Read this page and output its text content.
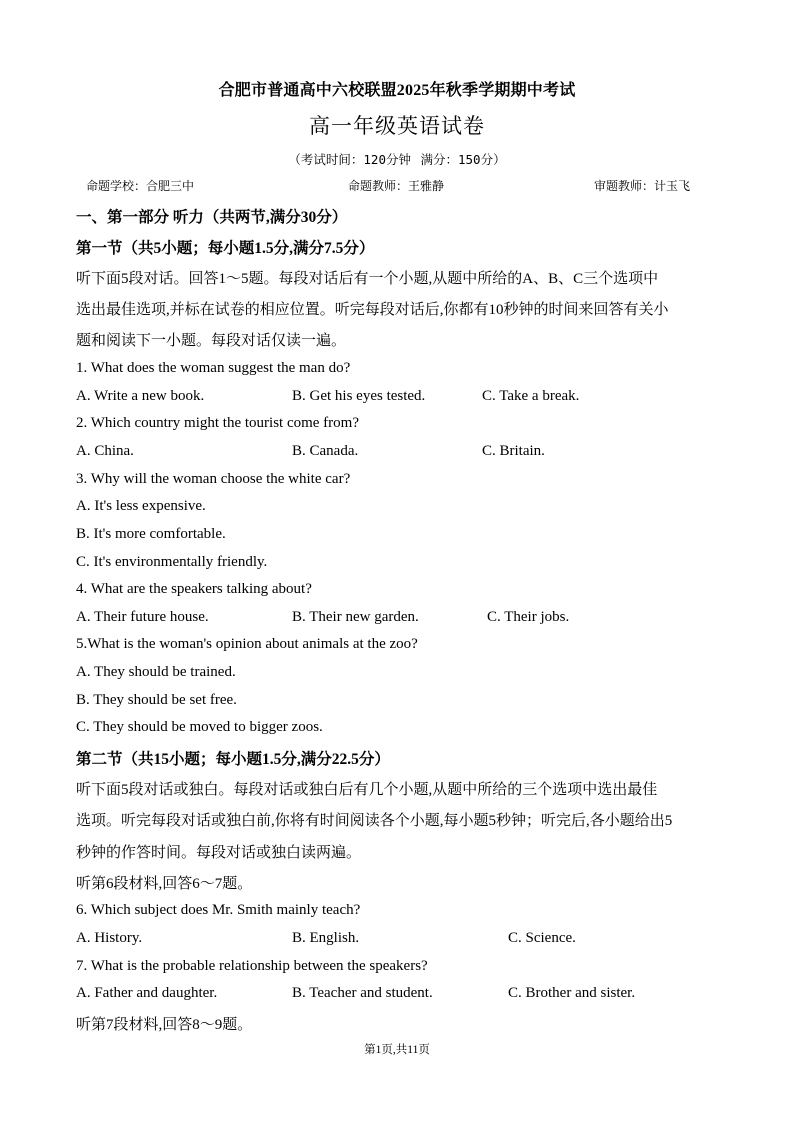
合肥市普通高中六校联盟2025年秋季学期期中考试
高一年级英语试卷
（考试时间：120分钟 满分：150分）
命题学校：合肥三中	命题教师：王雅静	审题教师：计玉飞
一、第一部分 听力（共两节,满分30分）
第一节（共5小题；每小题1.5分,满分7.5分）
听下面5段对话。回答1～5题。每段对话后有一个小题,从题中所给的A、B、C三个选项中
选出最佳选项,并标在试卷的相应位置。听完每段对话后,你都有10秒钟的时间来回答有关小
题和阅读下一小题。每段对话仅读一遍。
1. What does the woman suggest the man do?
A. Write a new book.	B. Get his eyes tested.	C. Take a break.
2. Which country might the tourist come from?
A. China.	B. Canada.	C. Britain.
3. Why will the woman choose the white car?
A. It's less expensive.
B. It's more comfortable.
C. It's environmentally friendly.
4. What are the speakers talking about?
A. Their future house.	B. Their new garden.	C. Their jobs.
5.What is the woman's opinion about animals at the zoo?
A. They should be trained.
B. They should be set free.
C. They should be moved to bigger zoos.
第二节（共15小题；每小题1.5分,满分22.5分）
听下面5段对话或独白。每段对话或独白后有几个小题,从题中所给的三个选项中选出最佳
选项。听完每段对话或独白前,你将有时间阅读各个小题,每小题5秒钟；听完后,各小题给出5
秒钟的作答时间。每段对话或独白读两遍。
听第6段材料,回答6～7题。
6. Which subject does Mr. Smith mainly teach?
A. History.	B. English.	C. Science.
7. What is the probable relationship between the speakers?
A. Father and daughter.	B. Teacher and student.	C. Brother and sister.
听第7段材料,回答8～9题。
第1页,共11页
